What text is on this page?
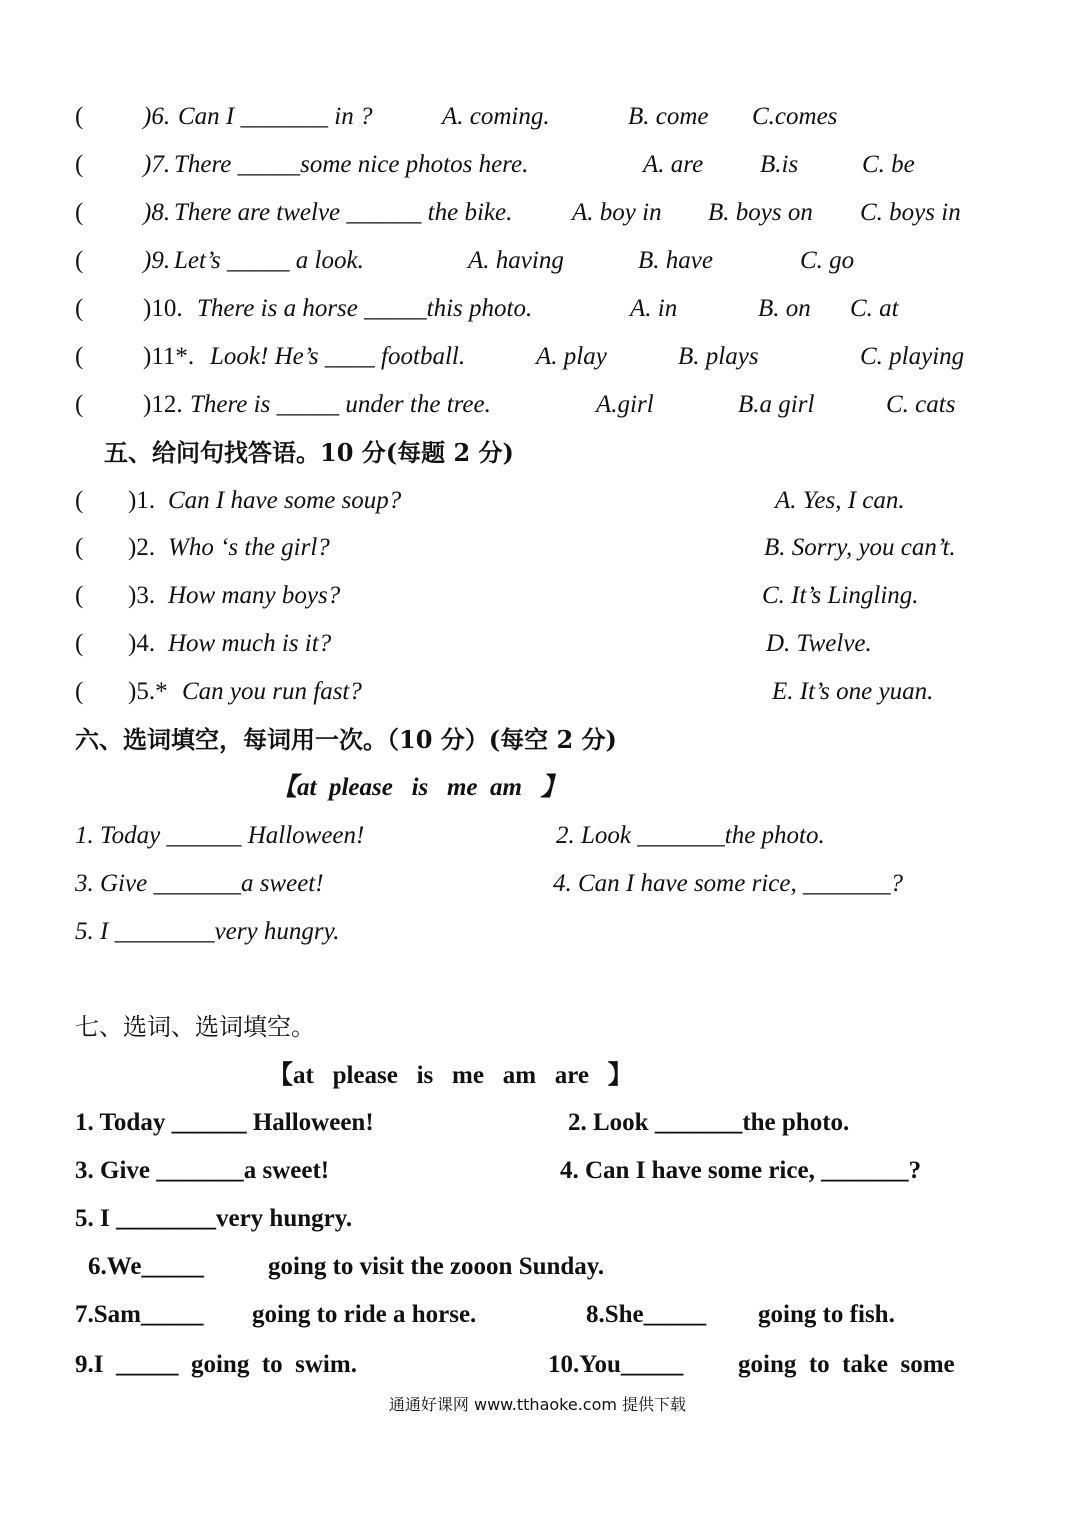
( )6. Can I _______ in ?	A. coming.	B. come C.comes
( )7. There _____some nice photos here.	A. are B.is	C. be
( )8. There are twelve ______ the bike. A. boy in B. boys on C. boys in
( )9. Let’s _____ a look.	A. having	B. have	C. go
( )10. There is a horse _____this photo.	A. in	B. on C. at
( )11*. Look! He’s ____ football.	A. play	B. plays	C. playing
( )12. There is _____ under the tree.	A.girl	B.a girl	C. cats
五、给问句找答语。10 分(每题 2 分)
( )1. Can I have some soup?	A. Yes, I can.
( )2. Who ‘s the girl?	B. Sorry, you can’t.
( )3. How many boys?	C. It’s Lingling.
( )4. How much is it?	D. Twelve.
( )5.* Can you run fast?	E. It’s one yuan.
六、选词填空，每词用一次。（10 分）(每空 2 分)
【at  please   is   me  am   】
1. Today ______ Halloween!	2. Look _______the photo.
3. Give _______a sweet!	4. Can I have some rice, _______?
5. I ________very hungry.
七、选词、选词填空。
【at   please   is   me   am   are   】
1. Today ______ Halloween!	2. Look _______the photo.
3. Give _______a sweet!	4. Can I have some rice, _______?
5. I ________very hungry.
6.We_____	going to visit the zooon Sunday.
7.Sam_____ going to ride a horse.	8.She_____ going to fish.
9.I  _____  going  to  swim.	10.You_____ going  to  take  some
通通好课网 www.tthaoke.com 提供下载
